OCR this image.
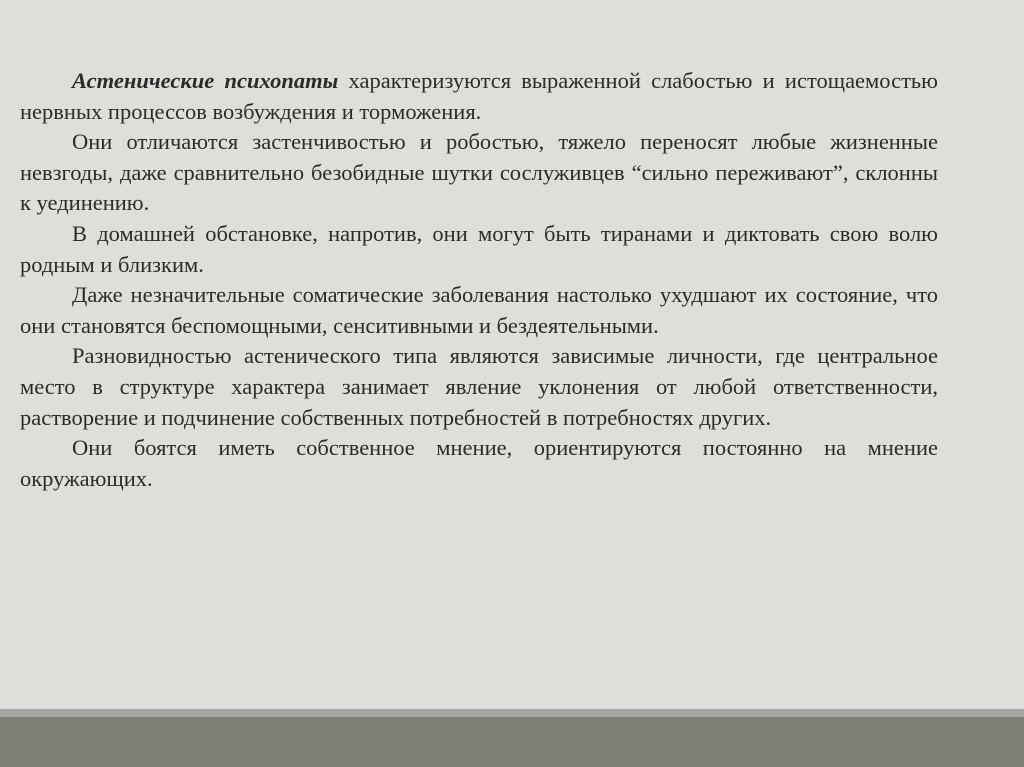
Астенические психопаты характеризуются выраженной слабостью и истощаемостью нервных процессов возбуждения и торможения.

Они отличаются застенчивостью и робостью, тяжело переносят любые жизненные невзгоды, даже сравнительно безобидные шутки сослуживцев “сильно переживают”, склонны к уединению.

В домашней обстановке, напротив, они могут быть тиранами и диктовать свою волю родным и близким.

Даже незначительные соматические заболевания настолько ухудшают их состояние, что они становятся беспомощными, сенситивными и бездеятельными.

Разновидностью астенического типа являются зависимые личности, где центральное место в структуре характера занимает явление уклонения от любой ответственности, растворение и подчинение собственных потребностей в потребностях других.

Они боятся иметь собственное мнение, ориентируются постоянно на мнение окружающих.
